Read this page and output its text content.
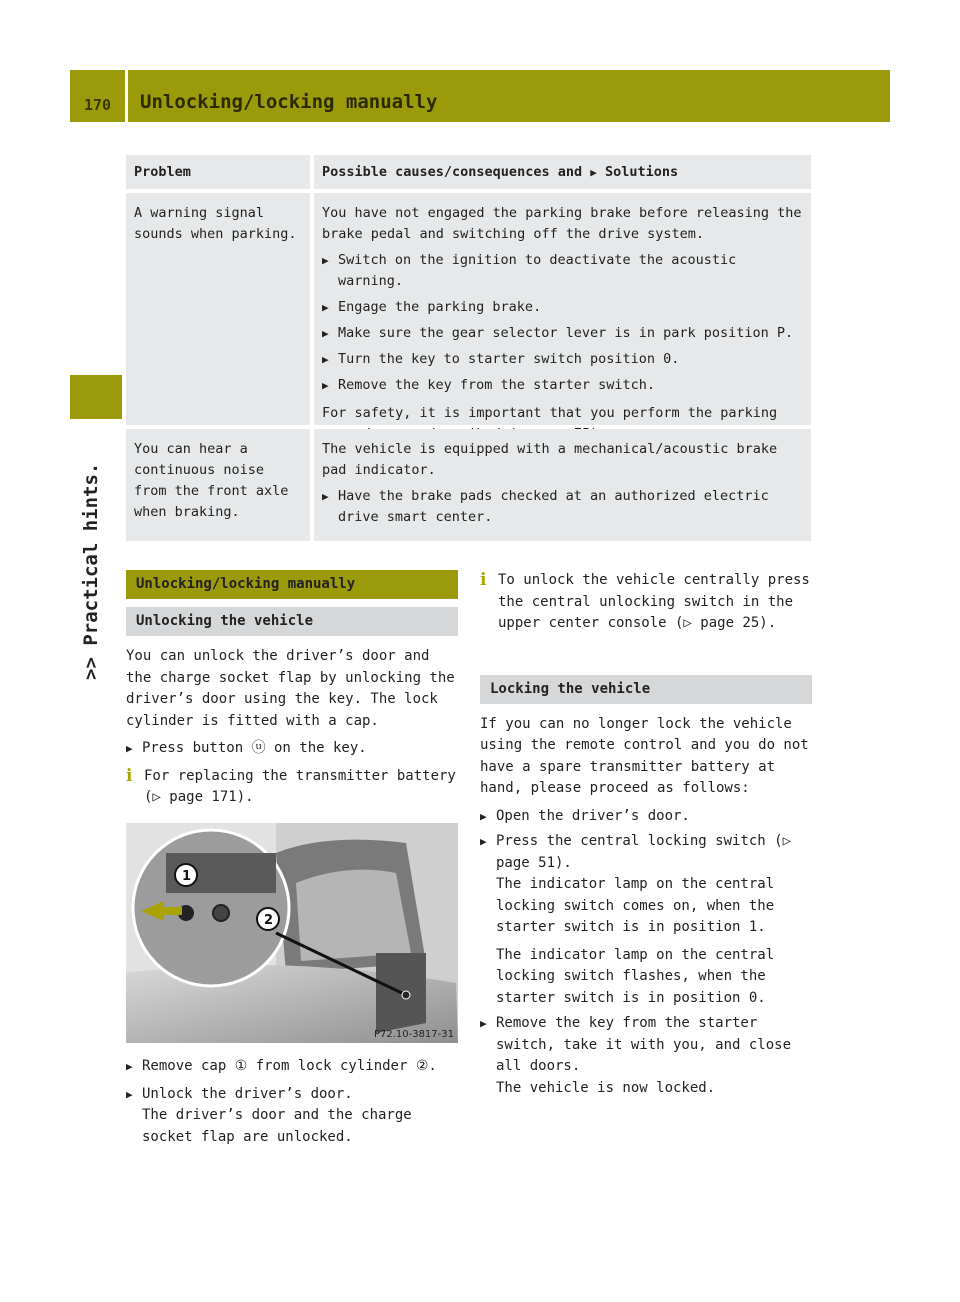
170 Unlocking/locking manually
>> Practical hints.
Problem	Possible causes/consequences and ▶ Solutions
A warning signal sounds when parking.
You have not engaged the parking brake before releasing the brake pedal and switching off the drive system.
▶ Switch on the ignition to deactivate the acoustic warning.
▶ Engage the parking brake.
▶ Make sure the gear selector lever is in park position P.
▶ Turn the key to starter switch position 0.
▶ Remove the key from the starter switch.
For safety, it is important that you perform the parking
You can hear a continuous noise from the front axle when braking.
The vehicle is equipped with a mechanical/acoustic brake pad indicator.
▶ Have the brake pads checked at an authorized electric drive smart center.
Unlocking/locking manually
Unlocking the vehicle

You can unlock the driver’s door and the charge socket flap by unlocking the driver’s door using the key. The lock cylinder is fitted with a cap.

▶ Press button ⓤ on the key.
i For replacing the transmitter battery (▷ page 171).
1
2
P72.10-3817-31
▶ Remove cap ① from lock cylinder ②.
▶ Unlock the driver’s door.
The driver’s door and the charge socket flap are unlocked.
i To unlock the vehicle centrally press the central unlocking switch in the upper center console (▷ page 25).
Locking the vehicle

If you can no longer lock the vehicle using the remote control and you do not have a spare transmitter battery at hand, please proceed as follows:

▶ Open the driver’s door.
▶ Press the central locking switch (▷ page 51).
The indicator lamp on the central locking switch comes on, when the starter switch is in position 1.
The indicator lamp on the central locking switch flashes, when the starter switch is in position 0.
▶ Remove the key from the starter switch, take it with you, and close all doors.
The vehicle is now locked.
